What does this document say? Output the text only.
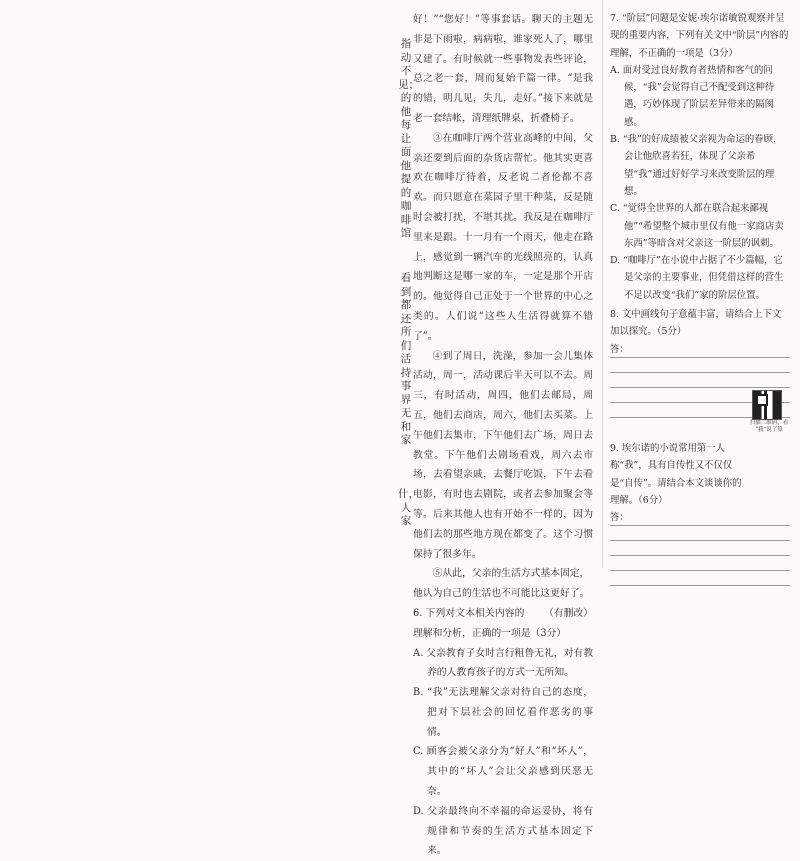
指动不见；的他每让面他提的咖啡馆
看到都还所们活持事界无和家
什，人家

好！”“您好！”等事套话。聊天的主题无非是下雨啦，病病啦，谁家死人了，哪里又建了。有时候就一些事物发表些评论，总之老一套，周而复始千篇一律。“是我的错，明儿见，失儿，走好。”接下来就是老一套结帐，清理纸牌桌，折叠椅子。

③在咖啡厅两个营业高峰的中间，父亲还要到后面的杂货店帮忙。他其实更喜欢在咖啡厅待着，反老说二者伦都不喜欢。而只愿意在菜园子里干种菜，反是随时会被打扰，不堪其扰。我反是在咖啡厅里来是跟。十一月有一个雨天，他走在路上，感觉到一辆汽车的光线照亮的，认真地判断这是哪一家的车，一定是那个开店的。他觉得自己正处于一个世界的中心之类的。人们说“这些人生活得就算不错了”。

④到了周日，洗澡，参加一会儿集体活动，周一，活动课后半天可以不去。周三，有时活动，周四，他们去邮局，周五，他们去商店，周六，他们去买菜。上午他们去集市，下午他们去广场，周日去教堂。下午他们去剧场看戏，周六去市场，去看望亲戚，去餐厅吃饭，下午去看电影，有时也去剧院，或者去参加聚会等等。后来其他人也有开始不一样的，因为他们去的那些地方现在都变了。这个习惯保持了很多年。

⑤从此，父亲的生活方式基本固定，他认为自己的生活也不可能比这更好了。
（有删改）

6. 下列对文本相关内容的理解和分析，正确的一项是（3分）
A. 父亲教育子女时言行粗鲁无礼，对有教养的人教育孩子的方式一无所知。
B. “我”无法理解父亲对待自己的态度，把对下层社会的回忆看作恶劣的事情。
C. 顾客会被父亲分为“好人”和“坏人”，其中的“坏人”会让父亲感到厌恶无奈。
D. 父亲最终向不幸福的命运妥协，将有规律和节奏的生活方式基本固定下来。
7. “阶层”问题是安妮·埃尔诺敏锐观察并呈现的重要内容，下列有关文中“阶层”内容的理解，不正确的一项是（3分）
A. 面对受过良好教育者热情和客气的问候，“我”会觉得自己不配受到这种待遇，巧妙体现了阶层差异带来的隔阂感。
B. “我”的好成绩被父亲视为命运的眷顾，会让他欣喜若狂，体现了父亲希望“我”通过好好学习来改变阶层的理想。
C. “觉得全世界的人都在联合起来鄙视他”“希望整个城市里仅有他一家商店卖东西”等暗含对父亲这一阶层的讽刺。
D. “咖啡厅”在小说中占据了不少篇幅，它是父亲的主要事业，但凭借这样的营生不足以改变“我们”家的阶层位置。
8. 文中画线句子意蕴丰富，请结合上下文加以探究。（5分）
答：
9. 埃尔诺的小说常用第一人称“我”，具有自传性又不仅仅是“自传”。请结合本文谈谈你的理解。（6分）
答：
扫描二维码，看 “我”说了算
